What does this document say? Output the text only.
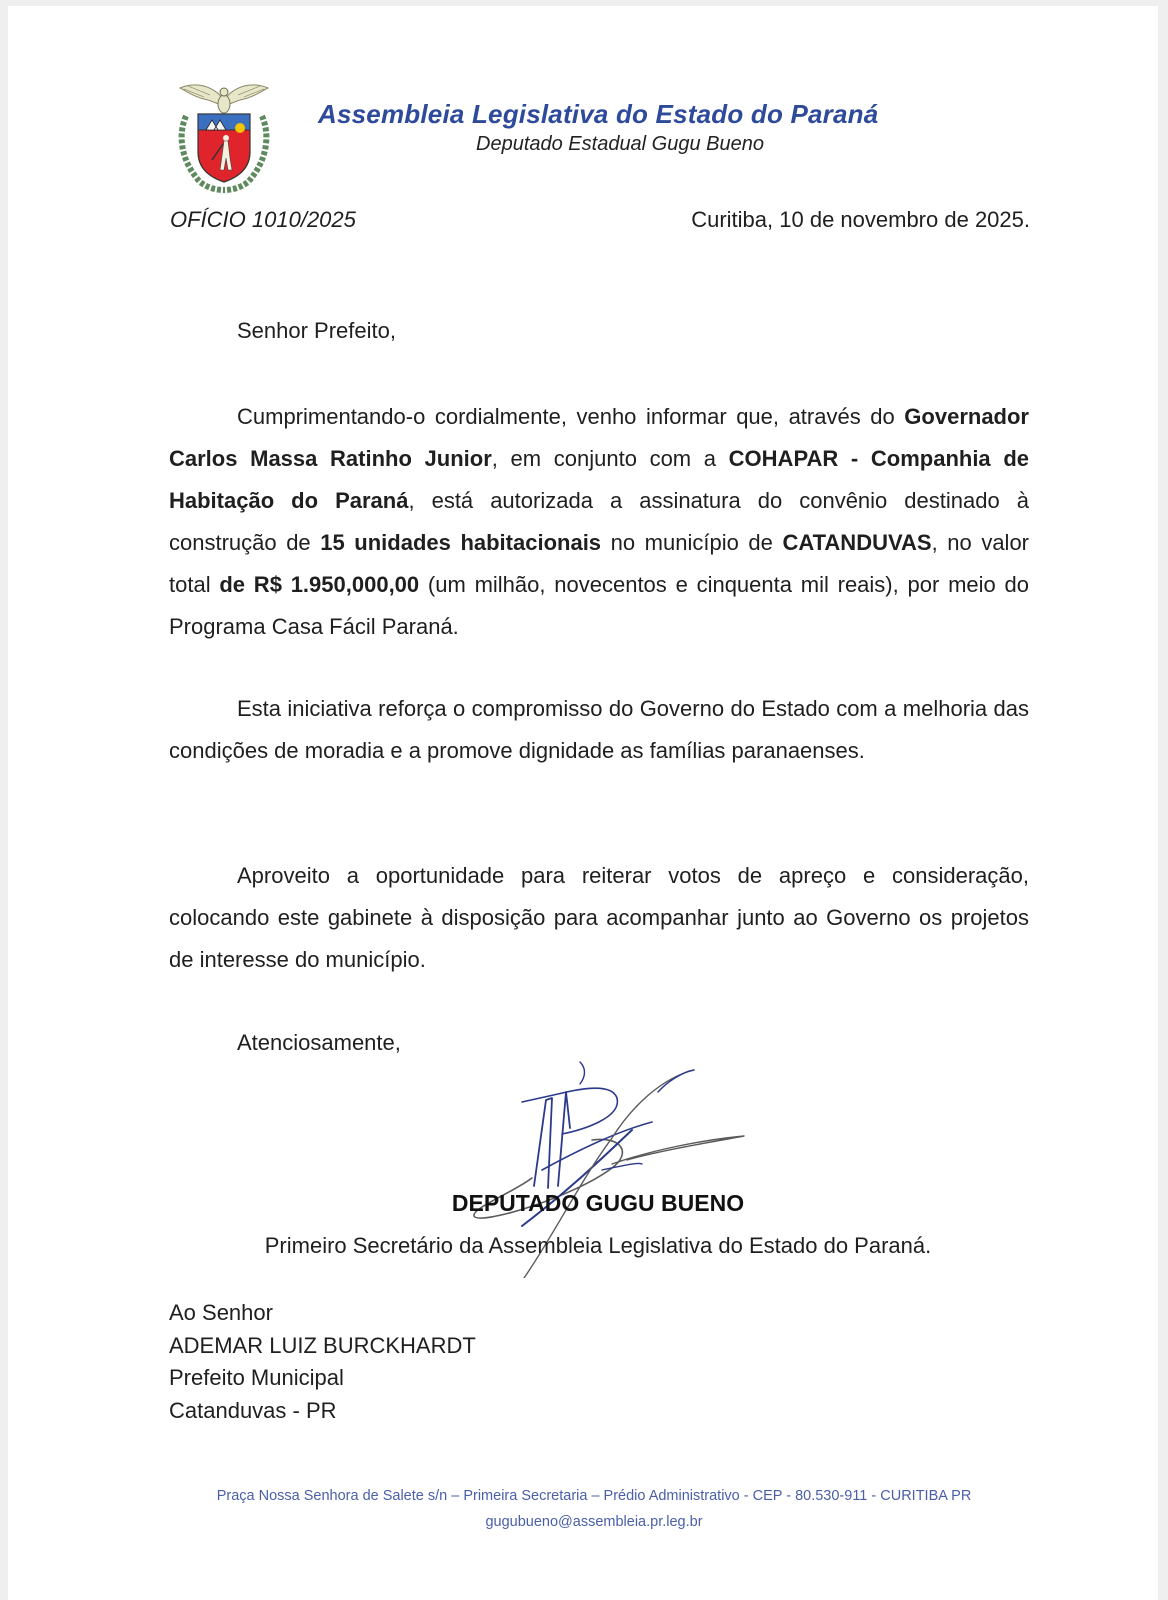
Assembleia Legislativa do Estado do Paraná
Deputado Estadual Gugu Bueno
OFÍCIO 1010/2025	Curitiba, 10 de novembro de 2025.
Senhor Prefeito,
Cumprimentando-o cordialmente, venho informar que, através do Governador Carlos Massa Ratinho Junior, em conjunto com a COHAPAR - Companhia de Habitação do Paraná, está autorizada a assinatura do convênio destinado à construção de 15 unidades habitacionais no município de CATANDUVAS, no valor total de R$ 1.950,000,00 (um milhão, novecentos e cinquenta mil reais), por meio do Programa Casa Fácil Paraná.
Esta iniciativa reforça o compromisso do Governo do Estado com a melhoria das condições de moradia e a promove dignidade as famílias paranaenses.
Aproveito a oportunidade para reiterar votos de apreço e consideração, colocando este gabinete à disposição para acompanhar junto ao Governo os projetos de interesse do município.
Atenciosamente,
DEPUTADO GUGU BUENO
Primeiro Secretário da Assembleia Legislativa do Estado do Paraná.
Ao Senhor
ADEMAR LUIZ BURCKHARDT
Prefeito Municipal
Catanduvas - PR
Praça Nossa Senhora de Salete s/n – Primeira Secretaria – Prédio Administrativo - CEP - 80.530-911 - CURITIBA PR
gugubueno@assembleia.pr.leg.br
